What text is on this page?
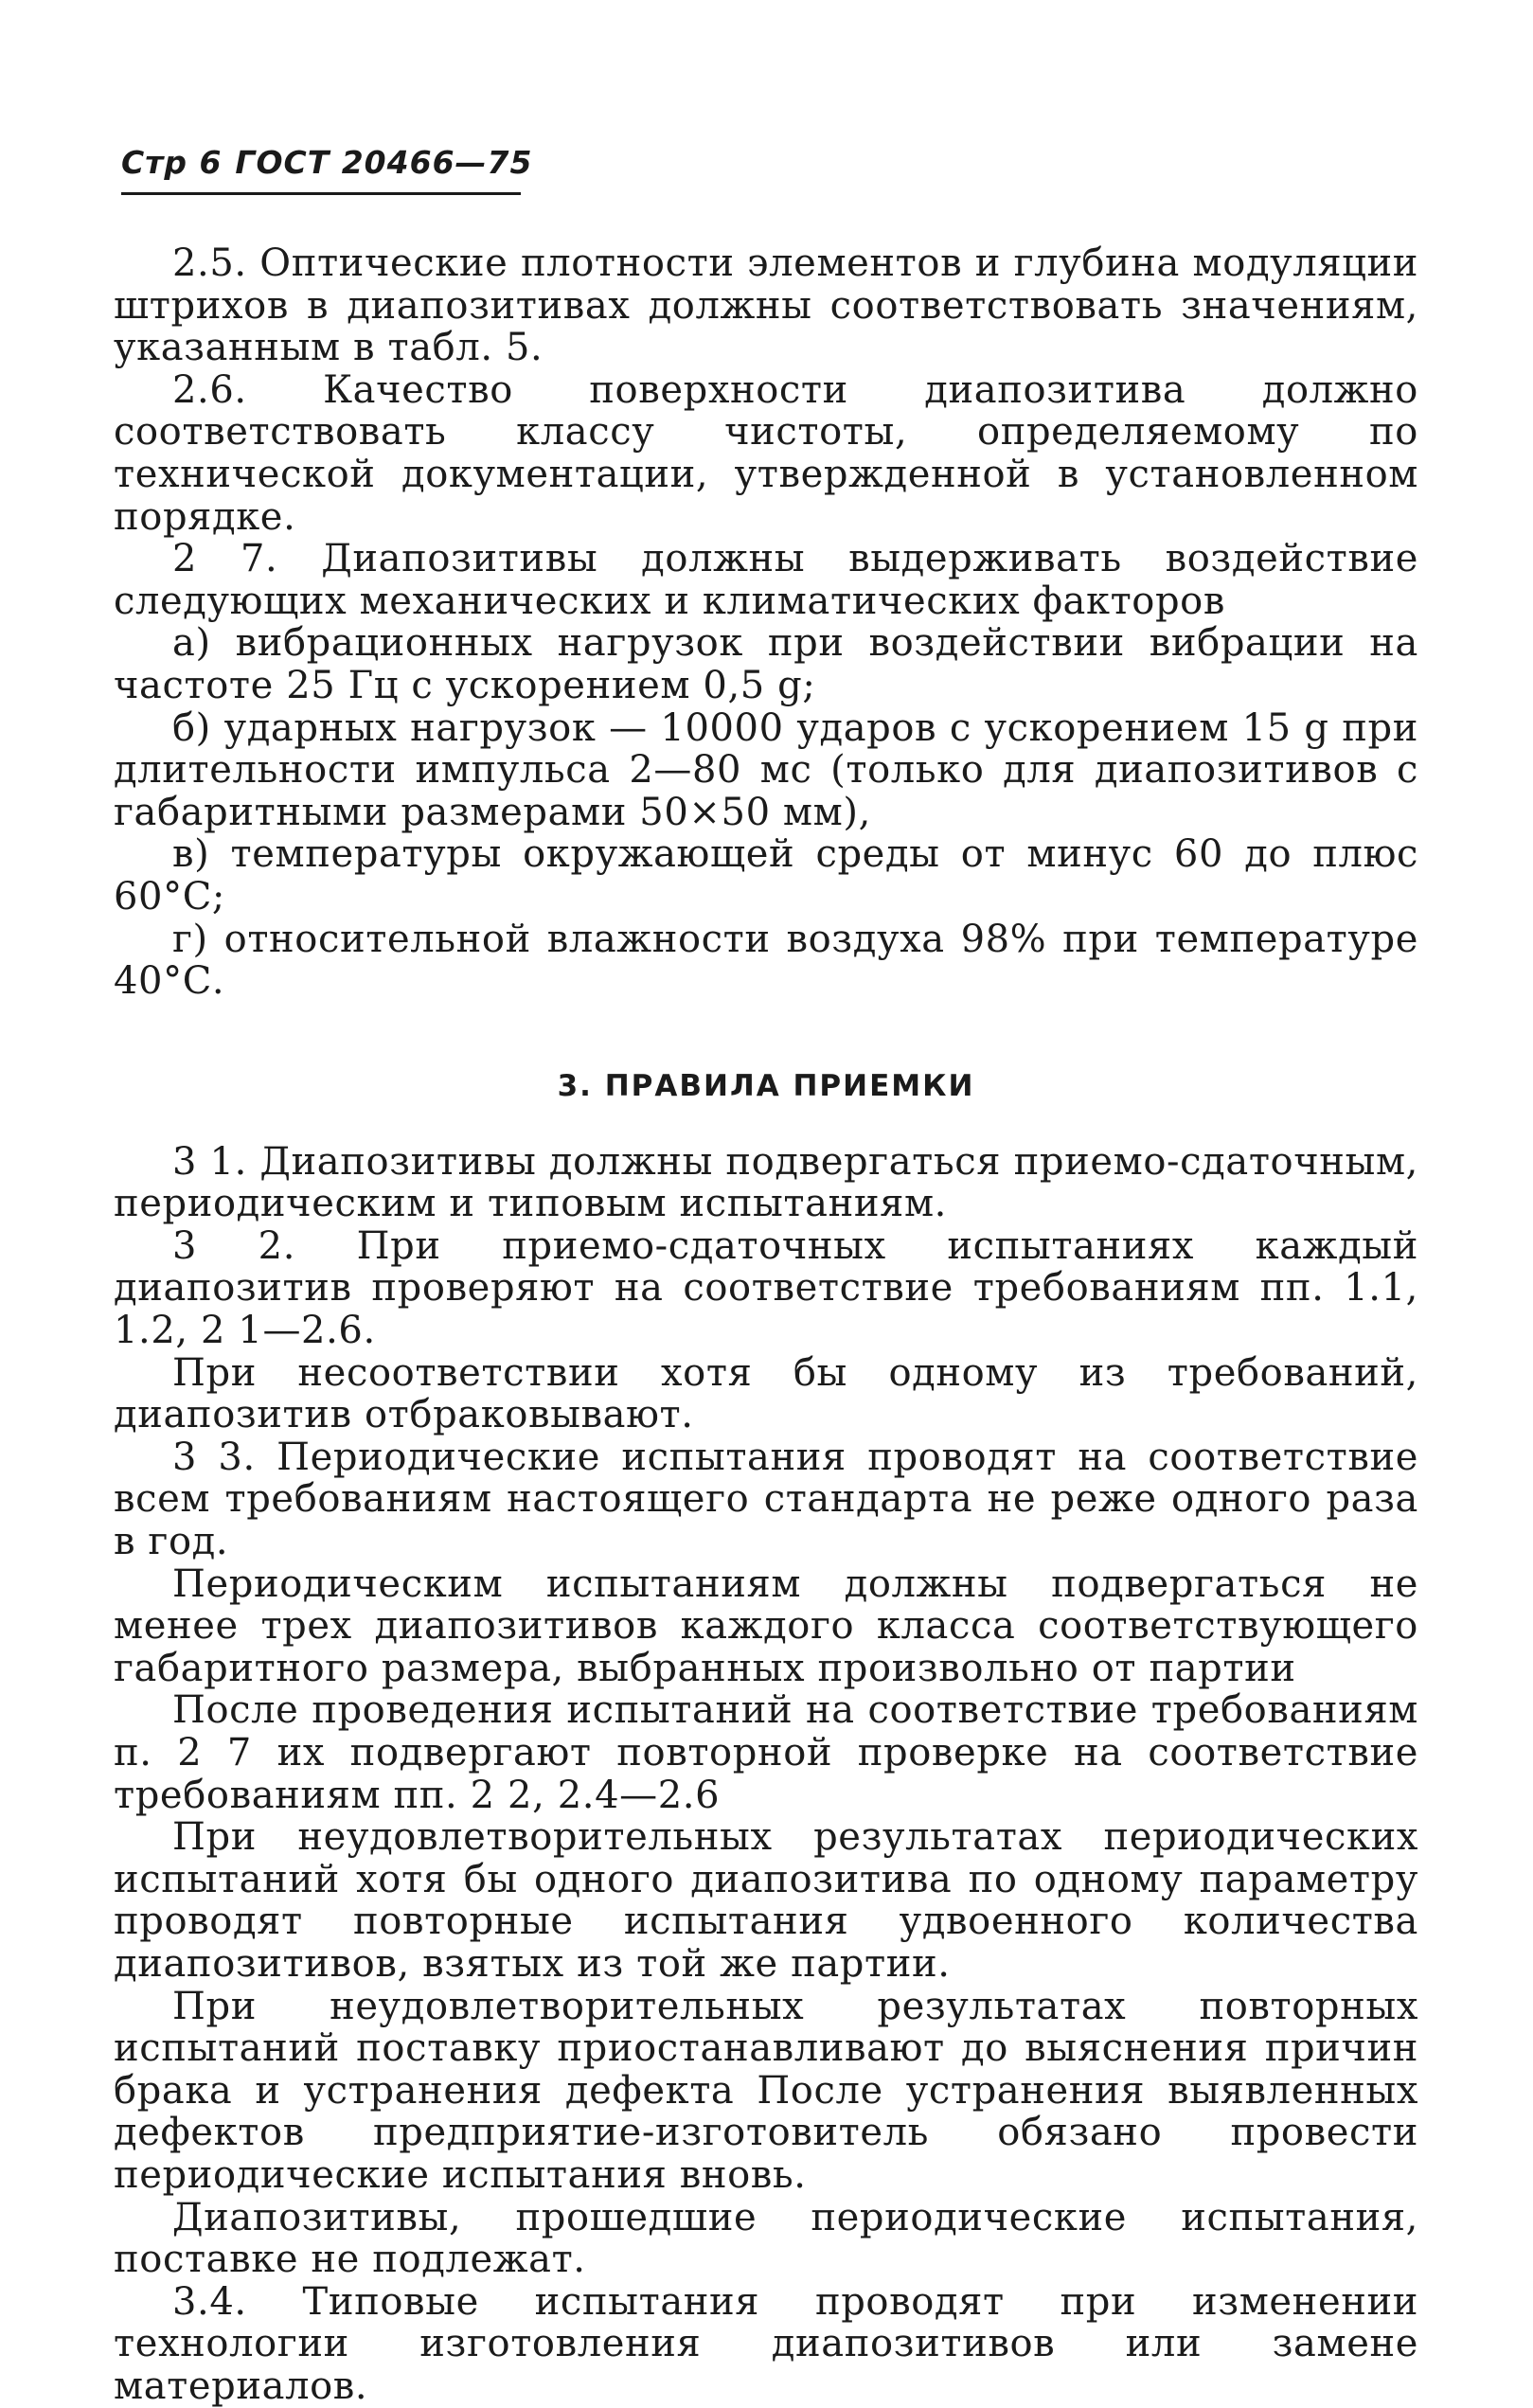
Стр 6 ГОСТ 20466—75

2.5. Оптические плотности элементов и глубина модуляции штрихов в диапозитивах должны соответствовать значениям, указанным в табл. 5.

2.6. Качество поверхности диапозитива должно соответствовать классу чистоты, определяемому по технической документации, утвержденной в установленном порядке.

2 7. Диапозитивы должны выдерживать воздействие следующих механических и климатических факторов

а) вибрационных нагрузок при воздействии вибрации на частоте 25 Гц с ускорением 0,5 g;

б) ударных нагрузок — 10000 ударов с ускорением 15 g при длительности импульса 2—80 мс (только для диапозитивов с габаритными размерами 50×50 мм),

в) температуры окружающей среды от минус 60 до плюс 60°С;

г) относительной влажности воздуха 98% при температуре 40°С.

3. ПРАВИЛА ПРИЕМКИ

3 1. Диапозитивы должны подвергаться приемо-сдаточным, периодическим и типовым испытаниям.

3 2. При приемо-сдаточных испытаниях каждый диапозитив проверяют на соответствие требованиям пп. 1.1, 1.2, 2 1—2.6.

При несоответствии хотя бы одному из требований, диапозитив отбраковывают.

3 3. Периодические испытания проводят на соответствие всем требованиям настоящего стандарта не реже одного раза в год.

Периодическим испытаниям должны подвергаться не менее трех диапозитивов каждого класса соответствующего габаритного размера, выбранных произвольно от партии

После проведения испытаний на соответствие требованиям п. 2 7 их подвергают повторной проверке на соответствие требованиям пп. 2 2, 2.4—2.6

При неудовлетворительных результатах периодических испытаний хотя бы одного диапозитива по одному параметру проводят повторные испытания удвоенного количества диапозитивов, взятых из той же партии.

При неудовлетворительных результатах повторных испытаний поставку приостанавливают до выяснения причин брака и устранения дефекта После устранения выявленных дефектов предприятие-изготовитель обязано провести периодические испытания вновь.

Диапозитивы, прошедшие периодические испытания, поставке не подлежат.

3.4. Типовые испытания проводят при изменении технологии изготовления диапозитивов или замене материалов.
